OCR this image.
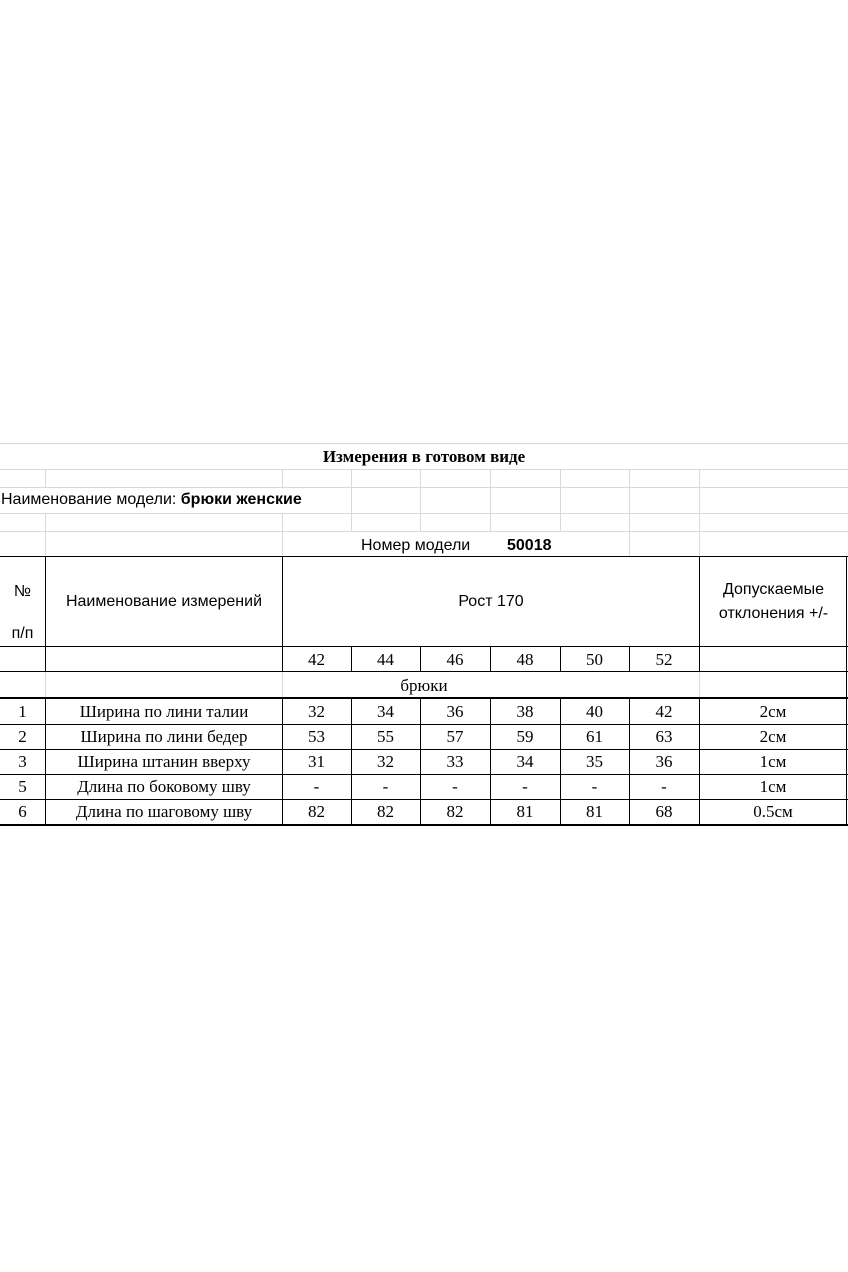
Измерения в готовом виде
Наименование модели: брюки женские
Номер модели 50018
№
п/п
Наименование измерений	Рост 170
Допускаемые
отклонения +/-
42	44	46	48	50	52
брюки
1	Ширина по лини талии	32	34	36	38	40	42	2см
2	Ширина по лини бедер	53	55	57	59	61	63	2см
3	Ширина штанин вверху	31	32	33	34	35	36	1см
5	Длина по боковому шву	-	-	-	-	-	-	1см
6	Длина по шаговому шву	82	82	82	81	81	68	0.5см
